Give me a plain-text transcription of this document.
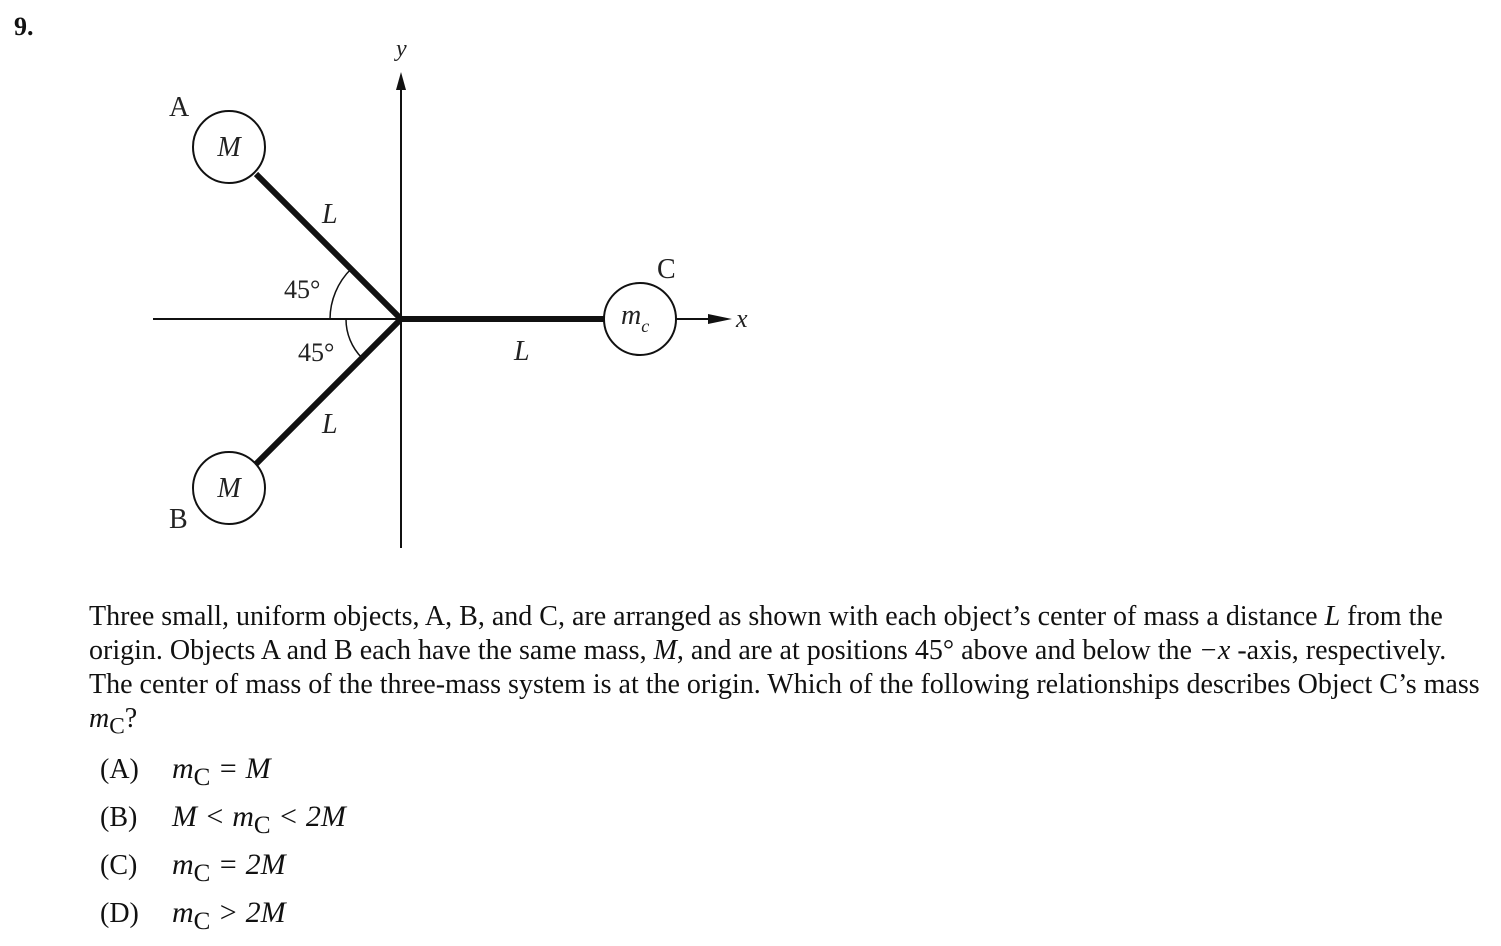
9.
y
x
45°
45°
L
L
L
M
A
M
B
$m_c$
C
Three small, uniform objects, A, B, and C, are arranged as shown with each object’s center of mass a distance L from the origin. Objects A and B each have the same mass, M, and are at positions 45° above and below the −x -axis, respectively. The center of mass of the three-mass system is at the origin. Which of the following relationships describes Object C’s mass $m_C$?
(A) $m_C = M$
(B) $M < m_C < 2M$
(C) $m_C = 2M$
(D) $m_C > 2M$
